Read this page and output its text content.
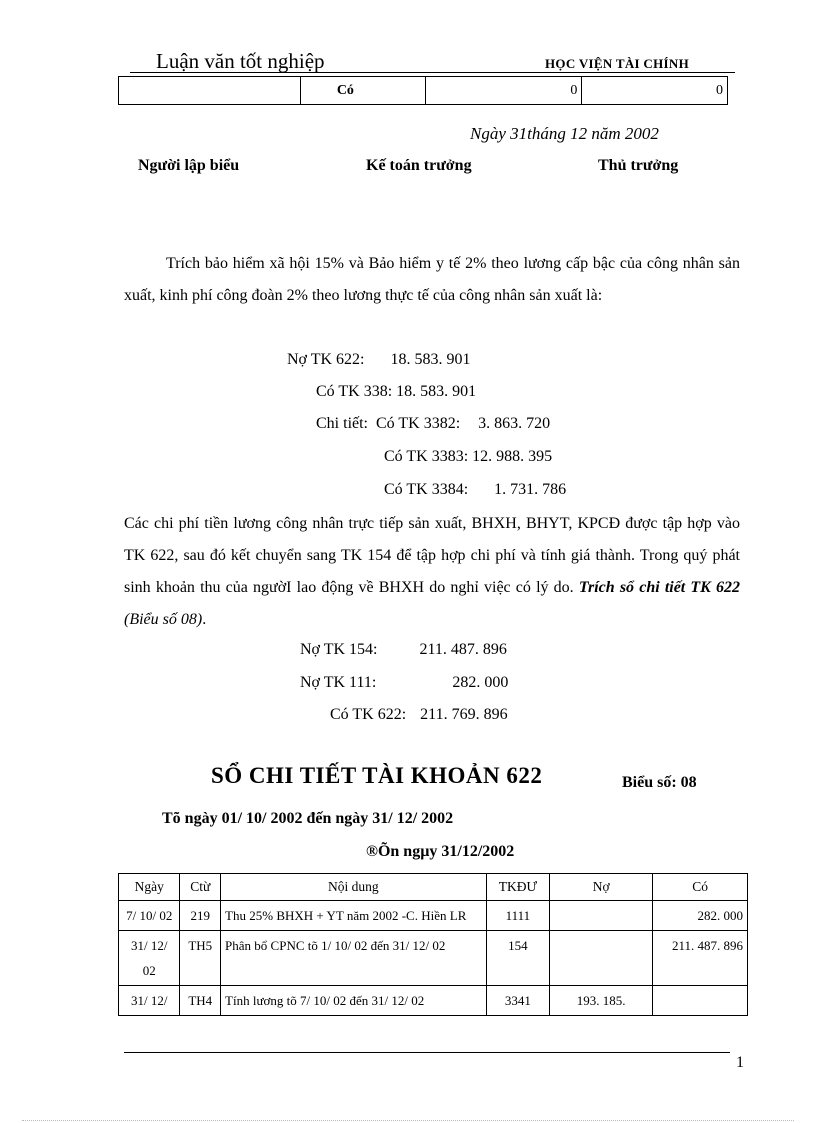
Luận văn tốt nghiệp	HỌC VIỆN TÀI CHÍNH
	Có	0	0
Ngày 31tháng 12 năm 2002
Người lập biểu	Kế toán trưởng	Thủ trưởng
Trích bảo hiểm xã hội 15% và Bảo hiểm y tế 2% theo lương cấp bậc của công nhân sản xuất, kinh phí công đoàn 2% theo lương thực tế của công nhân sản xuất là:
Nợ TK 622: 18. 583. 901
Có TK 338: 18. 583. 901
Chi tiết:  Có TK 3382: 3. 863. 720
Có TK 3383: 12. 988. 395
Có TK 3384: 1. 731. 786
Các chi phí tiền lương công nhân trực tiếp sản xuất, BHXH, BHYT, KPCĐ được tập hợp vào TK 622, sau đó kết chuyển sang TK 154 để tập hợp chi phí và tính giá thành. Trong quý phát sinh khoản thu của ngườI lao động về BHXH do nghỉ việc có lý do. Trích sổ chi tiết TK 622 (Biểu số 08).
Nợ TK 154:	211. 487. 896
Nợ TK 111:	282. 000
Có TK 622: 211. 769. 896
SỔ CHI TIẾT TÀI KHOẢN 622	Biểu số: 08
Tõ ngày 01/ 10/ 2002 đến ngày 31/ 12/ 2002
®Õn ngµy 31/12/2002
Ngày	Ctừ	Nội dung	TKĐƯ	Nợ	Có
7/ 10/ 02	219	Thu 25% BHXH + YT năm 2002 -C. Hiền LR	1111		282. 000
31/ 12/ 02	TH5	Phân bổ CPNC tõ 1/ 10/ 02 đến 31/ 12/ 02	154		211. 487. 896
31/ 12/	TH4	Tính lương tõ 7/ 10/ 02 đến 31/ 12/ 02	3341	193. 185.	
1
